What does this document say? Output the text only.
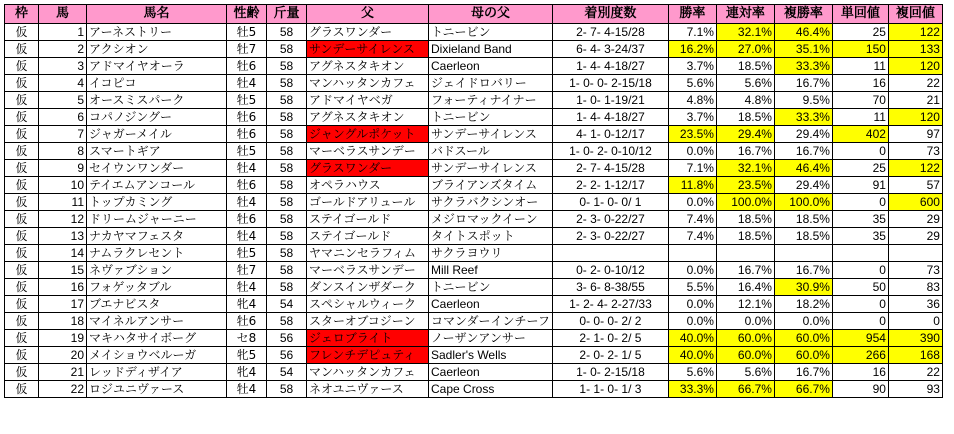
枠	馬	馬名	性齢	斤量	父	母の父	着別度数	勝率	連対率	複勝率	単回値	複回値
仮	1	アーネストリー	牡5	58	グラスワンダー	トニービン	2- 7- 4-15/28	7.1%	32.1%	46.4%	25	122
仮	2	アクシオン	牡7	58	サンデーサイレンス	Dixieland Band	6- 4- 3-24/37	16.2%	27.0%	35.1%	150	133
仮	3	アドマイヤオーラ	牡6	58	アグネスタキオン	Caerleon	1- 4- 4-18/27	3.7%	18.5%	33.3%	11	120
仮	4	イコピコ	牡4	58	マンハッタンカフェ	ジェイドロバリー	1- 0- 0- 2-15/18	5.6%	5.6%	16.7%	16	22
仮	5	オースミスパーク	牡5	58	アドマイヤベガ	フォーティナイナー	1- 0- 1-19/21	4.8%	4.8%	9.5%	70	21
仮	6	コパノジングー	牡6	58	アグネスタキオン	トニービン	1- 4- 4-18/27	3.7%	18.5%	33.3%	11	120
仮	7	ジャガーメイル	牡6	58	ジャングルポケット	サンデーサイレンス	4- 1- 0-12/17	23.5%	29.4%	29.4%	402	97
仮	8	スマートギア	牡5	58	マーベラスサンデー	バドスール	1- 0- 2- 0-10/12	0.0%	16.7%	16.7%	0	73
仮	9	セイウンワンダー	牡4	58	グラスワンダー	サンデーサイレンス	2- 7- 4-15/28	7.1%	32.1%	46.4%	25	122
仮	10	テイエムアンコール	牡6	58	オペラハウス	ブライアンズタイム	2- 2- 1-12/17	11.8%	23.5%	29.4%	91	57
仮	11	トップカミング	牡4	58	ゴールドアリュール	サクラバクシンオー	0- 1- 0- 0/ 1	0.0%	100.0%	100.0%	0	600
仮	12	ドリームジャーニー	牡6	58	ステイゴールド	メジロマックイーン	2- 3- 0-22/27	7.4%	18.5%	18.5%	35	29
仮	13	ナカヤマフェスタ	牡4	58	ステイゴールド	タイトスポット	2- 3- 0-22/27	7.4%	18.5%	18.5%	35	29
仮	14	ナムラクレセント	牡5	58	ヤマニンセラフィム	サクラヨウリ						
仮	15	ネヴァブション	牡7	58	マーベラスサンデー	Mill Reef	0- 2- 0-10/12	0.0%	16.7%	16.7%	0	73
仮	16	フォゲッタブル	牡4	58	ダンスインザダーク	トニービン	3- 6- 8-38/55	5.5%	16.4%	30.9%	50	83
仮	17	ブエナビスタ	牝4	54	スペシャルウィーク	Caerleon	1- 2- 4- 2-27/33	0.0%	12.1%	18.2%	0	36
仮	18	マイネルアンサー	牡6	58	スターオブコジーン	コマンダーインチーフ	0- 0- 0- 2/ 2	0.0%	0.0%	0.0%	0	0
仮	19	マキハタサイボーグ	セ8	56	ジェロブライト	ノーザンアンサー	2- 1- 0- 2/ 5	40.0%	60.0%	60.0%	954	390
仮	20	メイショウベルーガ	牝5	56	フレンチデピュティ	Sadler's Wells	2- 0- 2- 1/ 5	40.0%	60.0%	60.0%	266	168
仮	21	レッドディザイア	牝4	54	マンハッタンカフェ	Caerleon	1- 0- 2-15/18	5.6%	5.6%	16.7%	16	22
仮	22	ロジユニヴァース	牡4	58	ネオユニヴァース	Cape Cross	1- 1- 0- 1/ 3	33.3%	66.7%	66.7%	90	93
